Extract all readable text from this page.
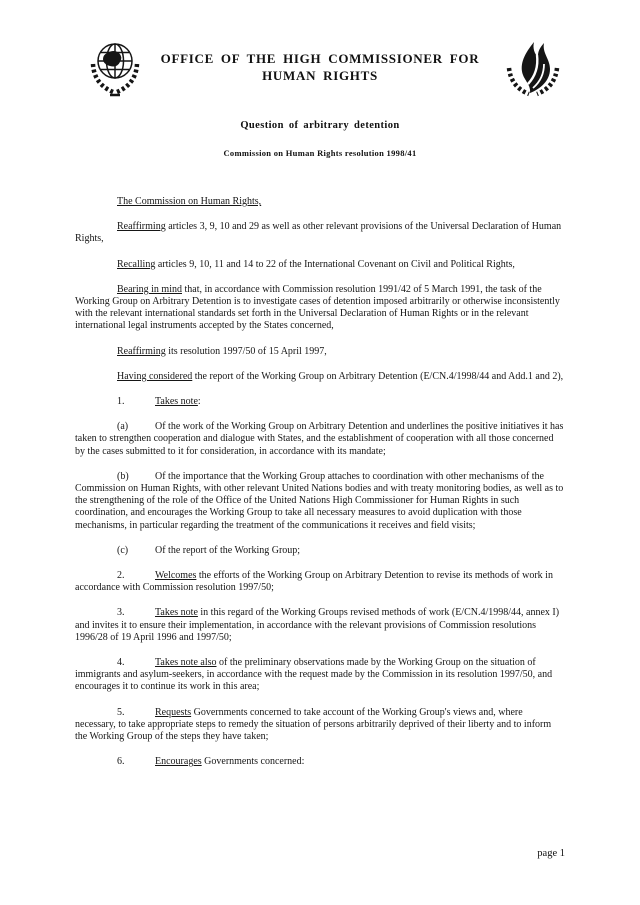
OFFICE OF THE HIGH COMMISSIONER FOR
HUMAN RIGHTS
Question of arbitrary detention
Commission on Human Rights resolution 1998/41

The Commission on Human Rights,

Reaffirming articles 3, 9, 10 and 29 as well as other relevant provisions of the Universal Declaration of Human Rights,

Recalling articles 9, 10, 11 and 14 to 22 of the International Covenant on Civil and Political Rights,

Bearing in mind that, in accordance with Commission resolution 1991/42 of 5 March 1991, the task of the Working Group on Arbitrary Detention is to investigate cases of detention imposed arbitrarily or otherwise inconsistently with the relevant international standards set forth in the Universal Declaration of Human Rights or in the relevant international legal instruments accepted by the States concerned,

Reaffirming its resolution 1997/50 of 15 April 1997,

Having considered the report of the Working Group on Arbitrary Detention (E/CN.4/1998/44 and Add.1 and 2),

1.	Takes note:

(a)	Of the work of the Working Group on Arbitrary Detention and underlines the positive initiatives it has taken to strengthen cooperation and dialogue with States, and the establishment of cooperation with all those concerned by the cases submitted to it for consideration, in accordance with its mandate;

(b)	Of the importance that the Working Group attaches to coordination with other mechanisms of the Commission on Human Rights, with other relevant United Nations bodies and with treaty monitoring bodies, as well as to the strengthening of the role of the Office of the United Nations High Commissioner for Human Rights in such coordination, and encourages the Working Group to take all necessary measures to avoid duplication with those mechanisms, in particular regarding the treatment of the communications it receives and field visits;

(c)	Of the report of the Working Group;

2.	Welcomes the efforts of the Working Group on Arbitrary Detention to revise its methods of work in accordance with Commission resolution 1997/50;

3.	Takes note in this regard of the Working Groups revised methods of work (E/CN.4/1998/44, annex I) and invites it to ensure their implementation, in accordance with the relevant provisions of Commission resolutions 1996/28 of 19 April 1996 and 1997/50;

4.	Takes note also of the preliminary observations made by the Working Group on the situation of immigrants and asylum-seekers, in accordance with the request made by the Commission in its resolution 1997/50, and encourages it to continue its work in this area;

5.	Requests Governments concerned to take account of the Working Group's views and, where necessary, to take appropriate steps to remedy the situation of persons arbitrarily deprived of their liberty and to inform the Working Group of the steps they have taken;

6.	Encourages Governments concerned:

page 1
